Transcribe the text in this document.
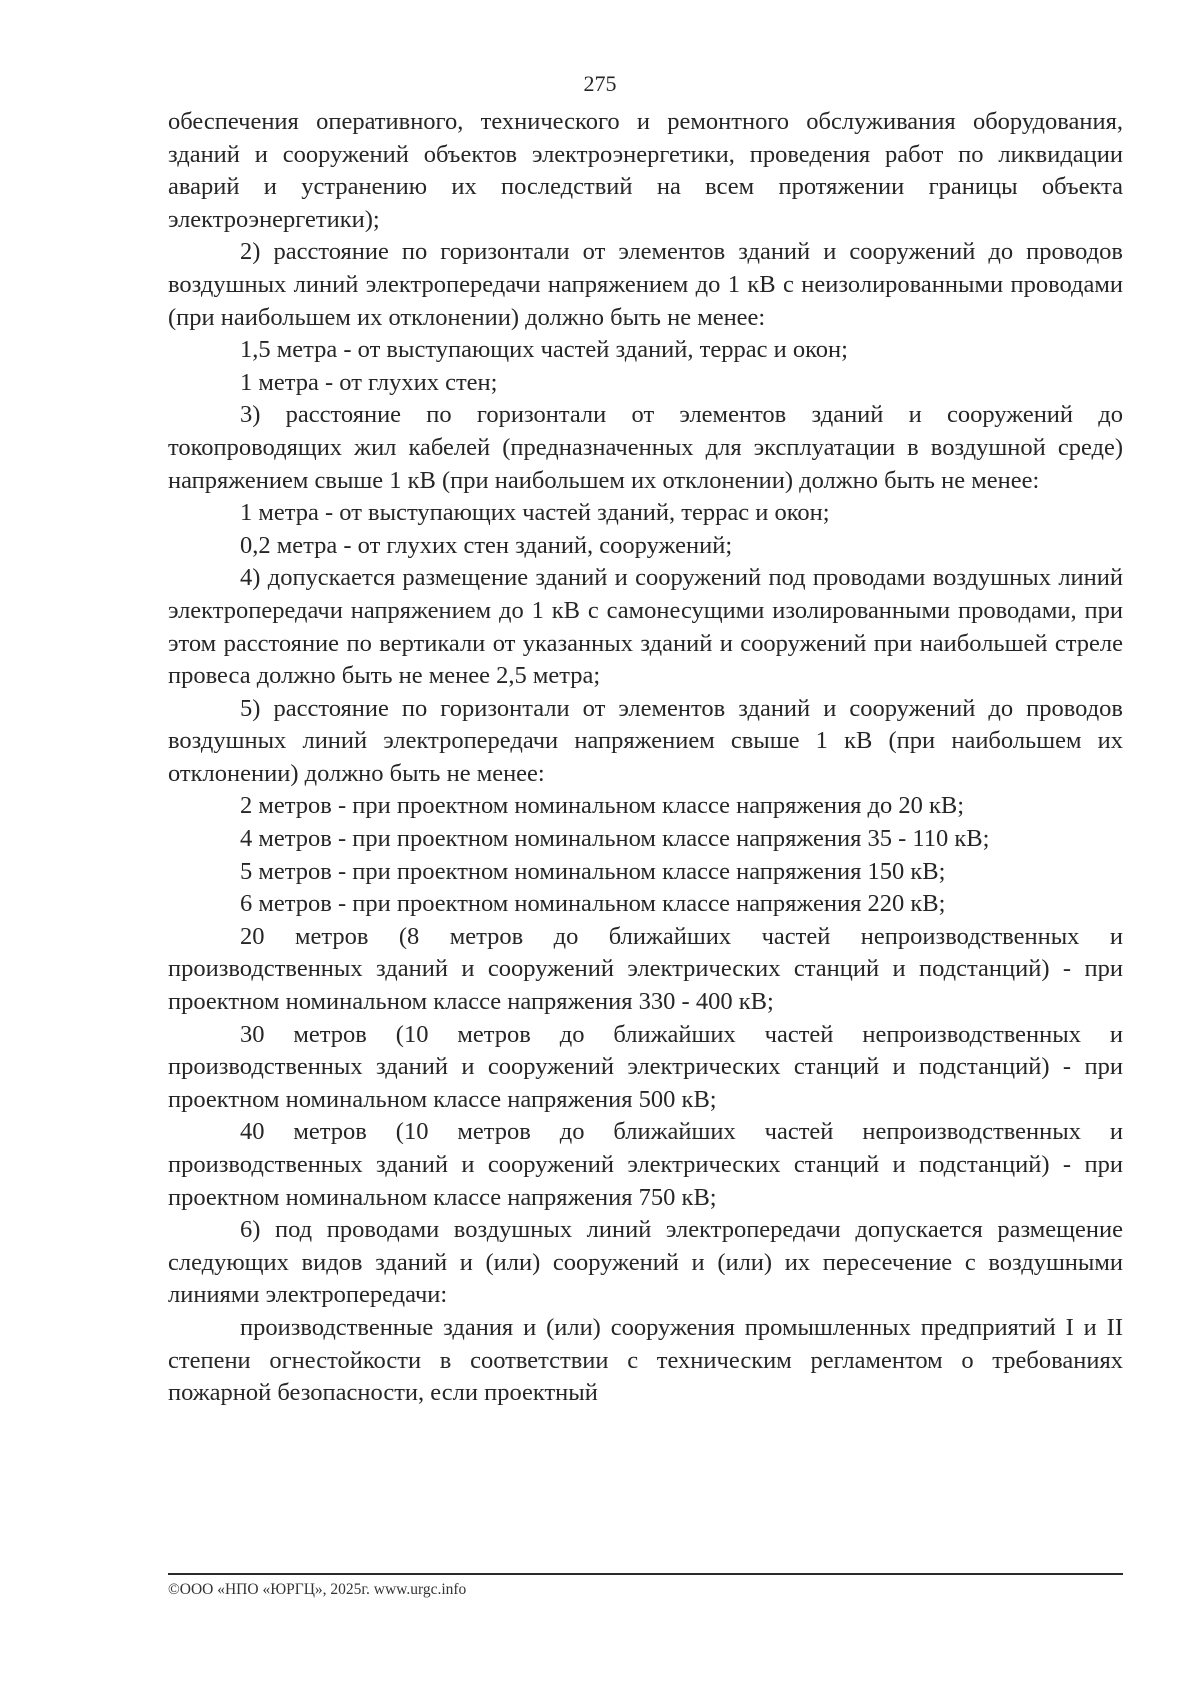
275

обеспечения оперативного, технического и ремонтного обслуживания оборудования, зданий и сооружений объектов электроэнергетики, проведения работ по ликвидации аварий и устранению их последствий на всем протяжении границы объекта электроэнергетики);

2) расстояние по горизонтали от элементов зданий и сооружений до проводов воздушных линий электропередачи напряжением до 1 кВ с неизолированными проводами (при наибольшем их отклонении) должно быть не менее:

1,5 метра - от выступающих частей зданий, террас и окон;

1 метра - от глухих стен;

3) расстояние по горизонтали от элементов зданий и сооружений до токопроводящих жил кабелей (предназначенных для эксплуатации в воздушной среде) напряжением свыше 1 кВ (при наибольшем их отклонении) должно быть не менее:

1 метра - от выступающих частей зданий, террас и окон;

0,2 метра - от глухих стен зданий, сооружений;

4) допускается размещение зданий и сооружений под проводами воздушных линий электропередачи напряжением до 1 кВ с самонесущими изолированными проводами, при этом расстояние по вертикали от указанных зданий и сооружений при наибольшей стреле провеса должно быть не менее 2,5 метра;

5) расстояние по горизонтали от элементов зданий и сооружений до проводов воздушных линий электропередачи напряжением свыше 1 кВ (при наибольшем их отклонении) должно быть не менее:

2 метров - при проектном номинальном классе напряжения до 20 кВ;

4 метров - при проектном номинальном классе напряжения 35 - 110 кВ;

5 метров - при проектном номинальном классе напряжения 150 кВ;

6 метров - при проектном номинальном классе напряжения 220 кВ;

20 метров (8 метров до ближайших частей непроизводственных и производственных зданий и сооружений электрических станций и подстанций) - при проектном номинальном классе напряжения 330 - 400 кВ;

30 метров (10 метров до ближайших частей непроизводственных и производственных зданий и сооружений электрических станций и подстанций) - при проектном номинальном классе напряжения 500 кВ;

40 метров (10 метров до ближайших частей непроизводственных и производственных зданий и сооружений электрических станций и подстанций) - при проектном номинальном классе напряжения 750 кВ;

6) под проводами воздушных линий электропередачи допускается размещение следующих видов зданий и (или) сооружений и (или) их пересечение с воздушными линиями электропередачи:

производственные здания и (или) сооружения промышленных предприятий I и II степени огнестойкости в соответствии с техническим регламентом о требованиях пожарной безопасности, если проектный

©ООО «НПО «ЮРГЦ», 2025г. www.urgc.info
